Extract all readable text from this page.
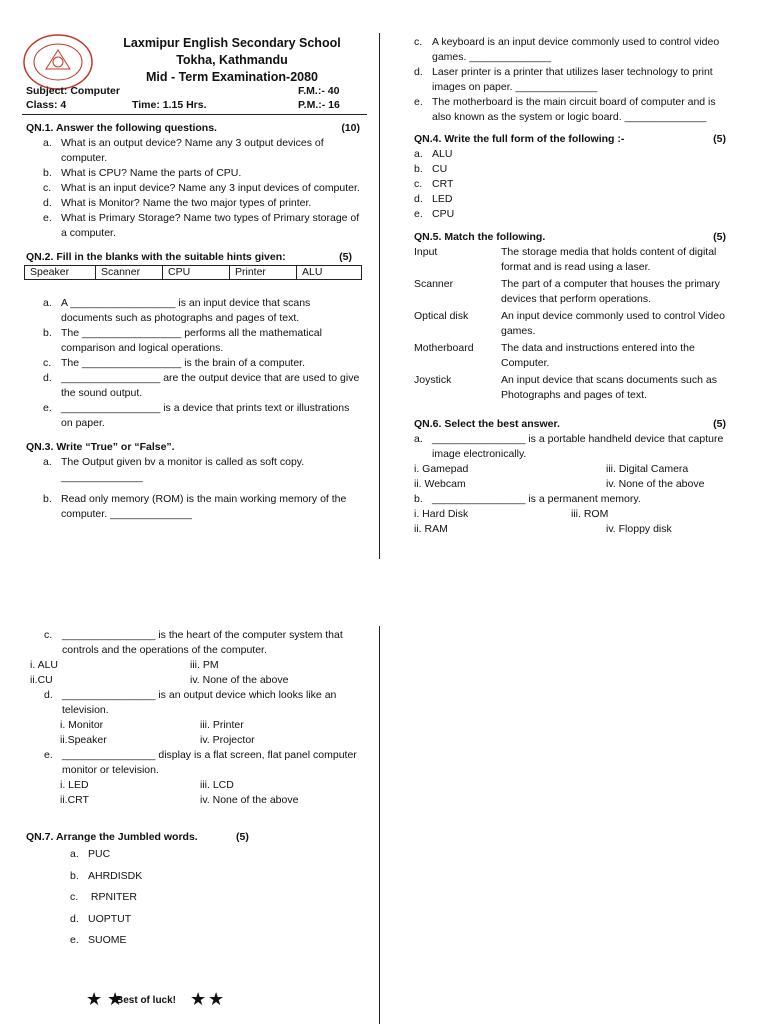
Laxmipur English Secondary School
Tokha, Kathmandu
Mid - Term Examination-2080
Subject: Computer	F.M.:- 40
Class: 4	Time: 1.15 Hrs.	P.M.:- 16
QN.1. Answer the following questions.	(10)
a. What is an output device? Name any 3 output devices of computer.
b. What is CPU? Name the parts of CPU.
c. What is an input device? Name any 3 input devices of computer.
d. What is Monitor? Name the two major types of printer.
e. What is Primary Storage? Name two types of Primary storage of a computer.
QN.2. Fill in the blanks with the suitable hints given:	(5)
Speaker	Scanner	CPU	Printer	ALU
a. A __________________ is an input device that scans documents such as photographs and pages of text.
b. The _________________ performs all the mathematical comparison and logical operations.
c. The _________________ is the brain of a computer.
d. _________________ are the output device that are used to give the sound output.
e. _________________ is a device that prints text or illustrations on paper.
QN.3. Write “True” or “False”.
a. The Output given bv a monitor is called as soft copy. ______________
b. Read only memory (ROM) is the main working memory of the computer. ______________
c. A keyboard is an input device commonly used to control video games. ______________
d. Laser printer is a printer that utilizes laser technology to print images on paper. ______________
e. The motherboard is the main circuit board of computer and is also known as the system or logic board. ______________
QN.4. Write the full form of the following :-	(5)
a. ALU
b. CU
c. CRT
d. LED
e. CPU
QN.5. Match the following.	(5)
Input	The storage media that holds content of digital format and is read using a laser.
Scanner	The part of a computer that houses the primary devices that perform operations.
Optical disk	An input device commonly used to control Video games.
Motherboard	The data and instructions entered into the Computer.
Joystick	An input device that scans documents such as Photographs and pages of text.
QN.6. Select the best answer.	(5)
a. ________________ is a portable handheld device that capture image electronically.
i. Gamepad	iii. Digital Camera
ii. Webcam	iv. None of the above
b. ________________ is a permanent memory.
i. Hard Disk	iii. ROM
ii. RAM	iv. Floppy disk
c. ________________ is the heart of the computer system that controls and the operations of the computer.
i. ALU	iii. PM
ii.CU	iv. None of the above
d. ________________ is an output device which looks like an television.
i. Monitor	iii. Printer
ii.Speaker	iv. Projector
e. ________________ display is a flat screen, flat panel computer monitor or television.
i. LED	iii. LCD
ii.CRT	iv. None of the above
QN.7. Arrange the Jumbled words.	(5)
a. PUC
b. AHRDISDK
c. RPNITER
d. UOPTUT
e. SUOME
★ ★
Best of luck! ★ ★
